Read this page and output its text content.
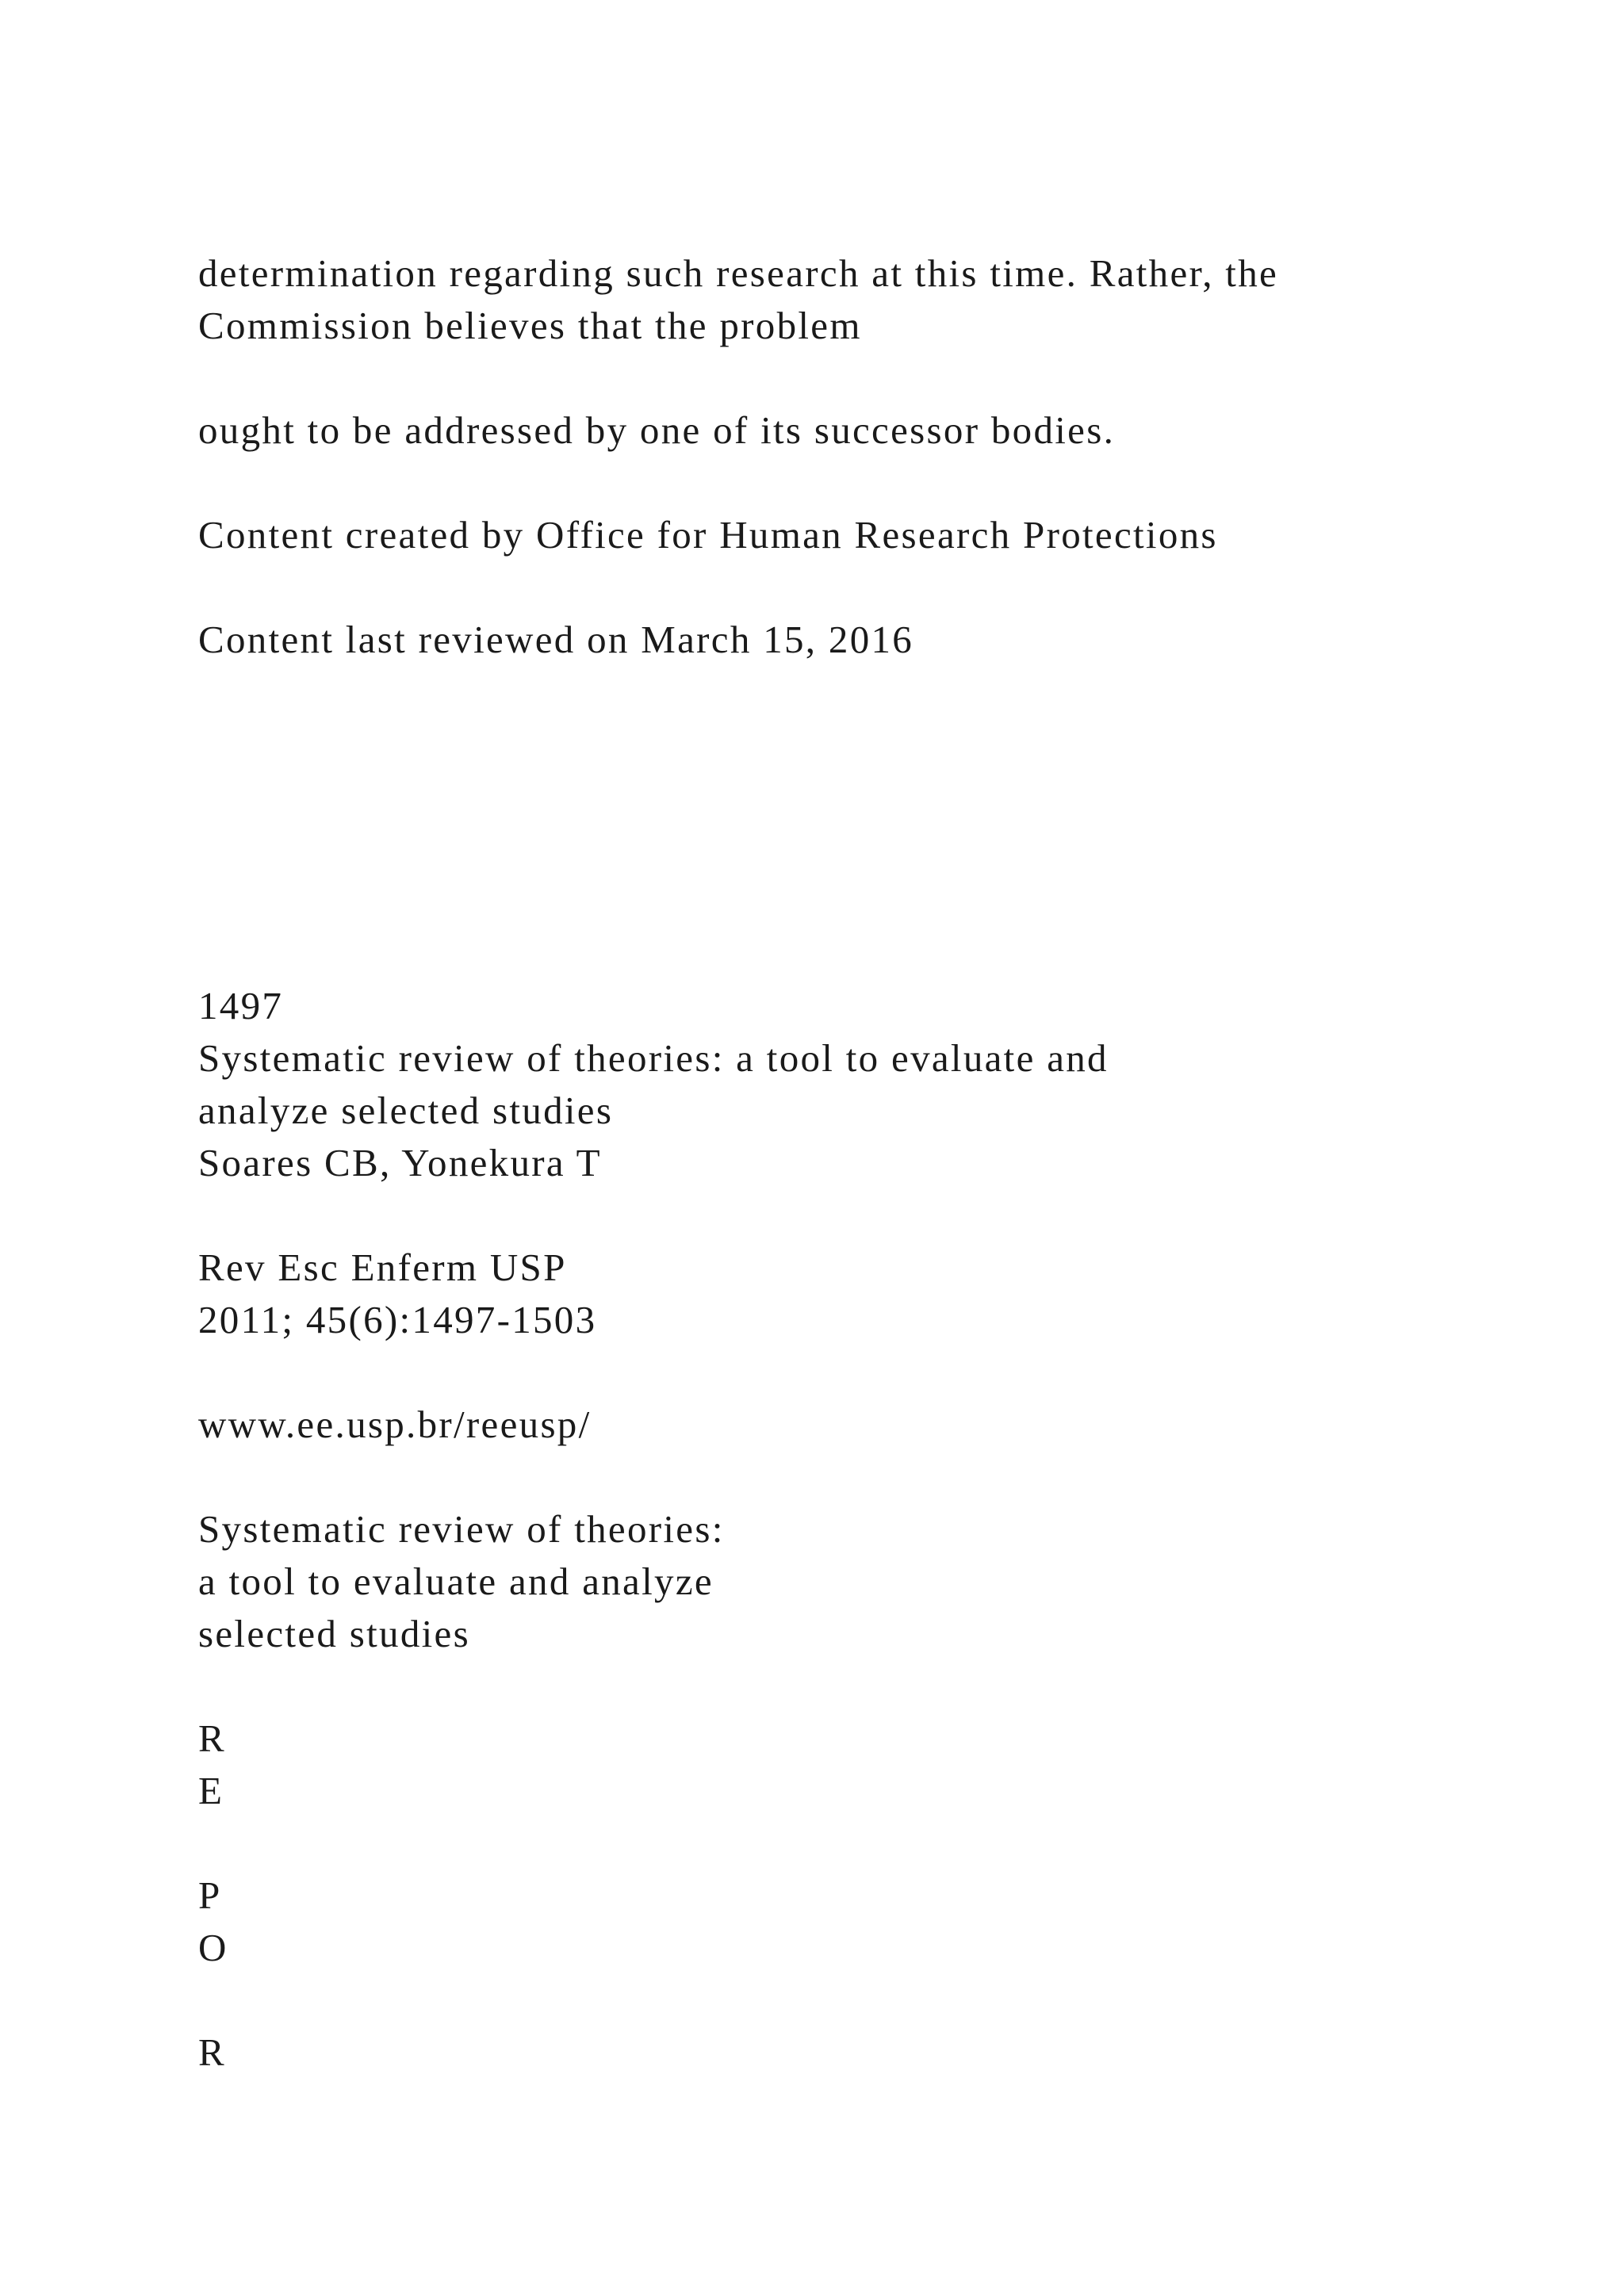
determination regarding such research at this time. Rather, the

Commission believes that the problem

ought to be addressed by one of its successor bodies.

Content created by Office for Human Research Protections

Content last reviewed on March 15, 2016

1497

Systematic review of theories: a tool to evaluate and

analyze selected studies

Soares CB, Yonekura T

Rev Esc Enferm USP

2011; 45(6):1497-1503

www.ee.usp.br/reeusp/

Systematic review of theories:

a tool to evaluate and analyze

selected studies

R

E

P

O

R
